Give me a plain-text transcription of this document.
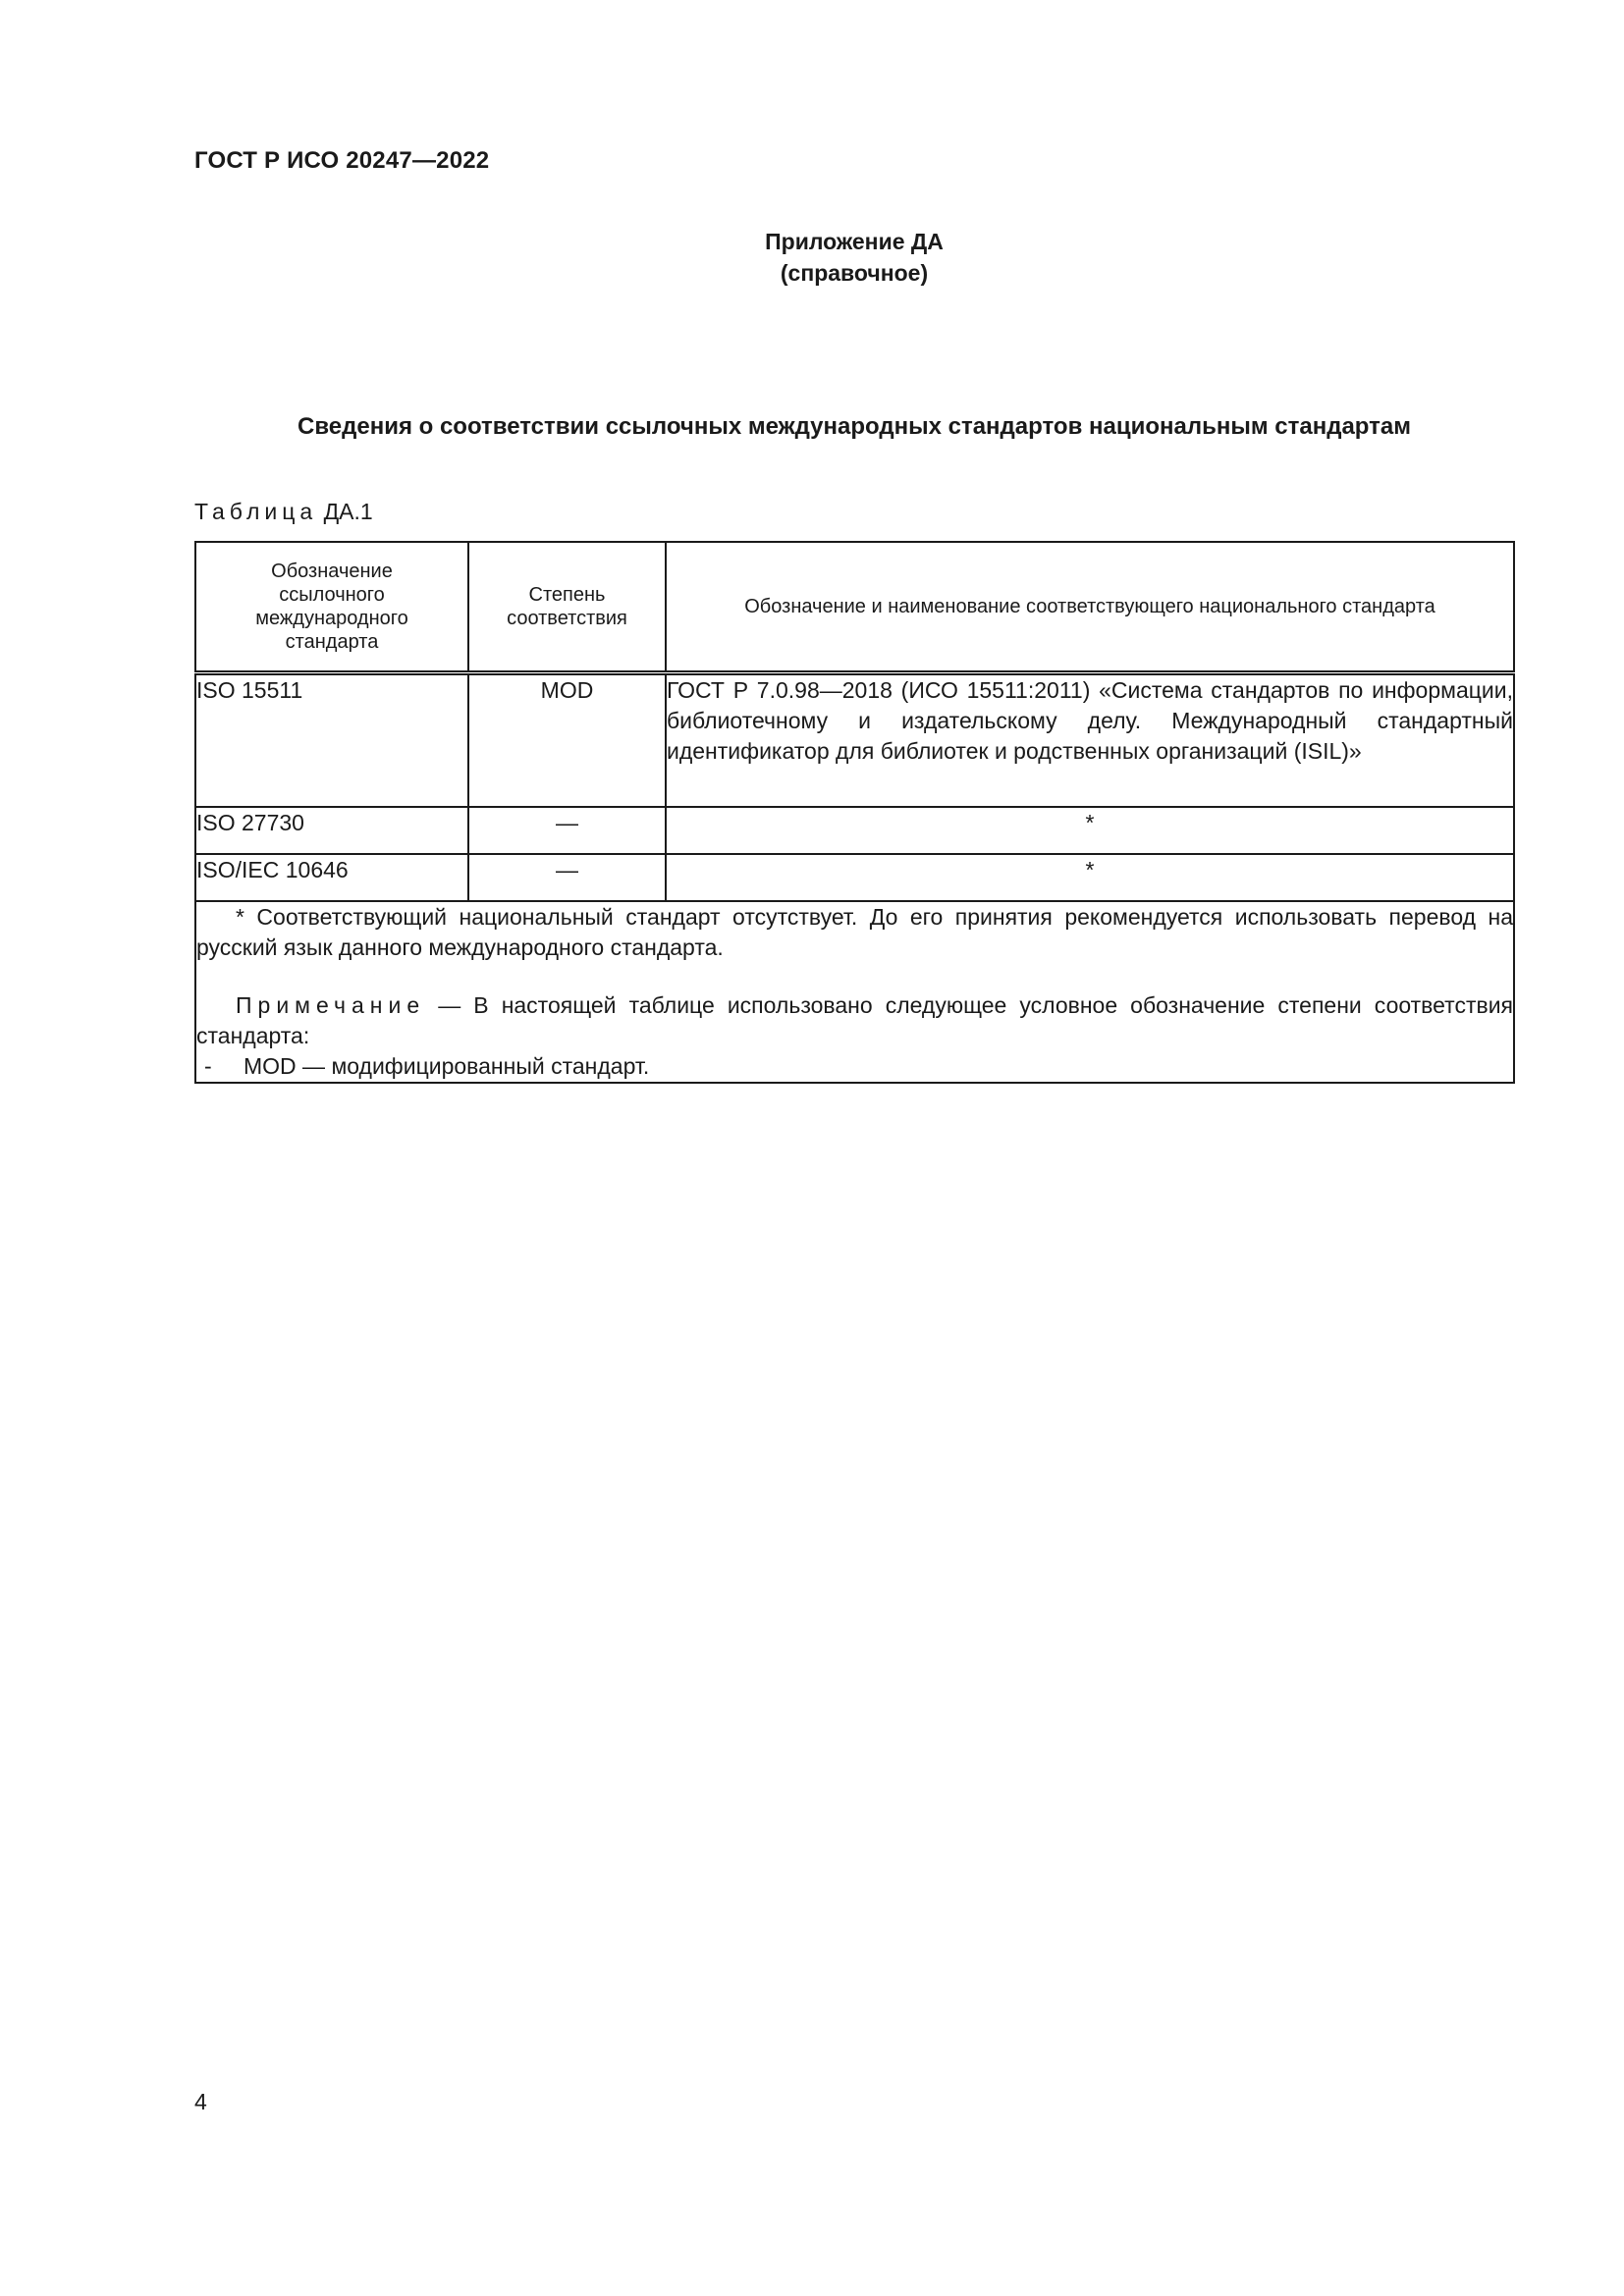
ГОСТ Р ИСО 20247—2022
Приложение ДА
(справочное)
Сведения о соответствии ссылочных международных стандартов национальным стандартам
Таблица ДА.1
Обозначение ссылочного международного стандарта	Степень соответствия	Обозначение и наименование соответствующего национального стандарта
ISO 15511	MOD	ГОСТ Р 7.0.98—2018 (ИСО 15511:2011) «Система стандартов по информации, библиотечному и издательскому делу. Международный стандартный идентификатор для библиотек и родственных организаций (ISIL)»
ISO 27730	—	*
ISO/IEC 10646	—	*

* Соответствующий национальный стандарт отсутствует. До его принятия рекомендуется использовать перевод на русский язык данного международного стандарта.

Примечание — В настоящей таблице использовано следующее условное обозначение степени соответствия стандарта:

- MOD — модифицированный стандарт.		

4
